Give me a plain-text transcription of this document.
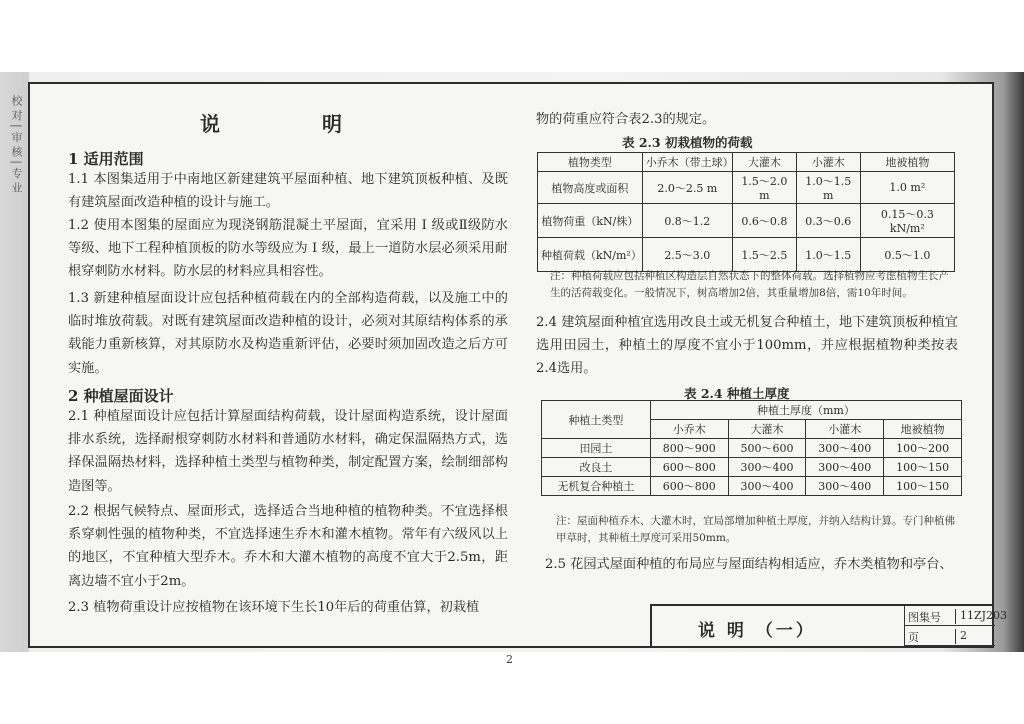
校 对 | 审 核 | 专 业	说	明
1 适用范围
1.1 本图集适用于中南地区新建建筑平屋面种植、地下建筑顶板种植、及既有建筑屋面改造种植的设计与施工。
1.2 使用本图集的屋面应为现浇钢筋混凝土平屋面，宜采用 Ⅰ 级或Ⅱ级防水等级、地下工程种植顶板的防水等级应为 Ⅰ 级，最上一道防水层必须采用耐根穿刺防水材料。防水层的材料应具相容性。
1.3 新建种植屋面设计应包括种植荷载在内的全部构造荷载，以及施工中的临时堆放荷载。对既有建筑屋面改造种植的设计，必须对其原结构体系的承载能力重新核算，对其原防水及构造重新评估，必要时须加固改造之后方可实施。
2 种植屋面设计
2.1 种植屋面设计应包括计算屋面结构荷载，设计屋面构造系统，设计屋面排水系统，选择耐根穿刺防水材料和普通防水材料，确定保温隔热方式，选择保温隔热材料，选择种植土类型与植物种类，制定配置方案，绘制细部构造图等。
2.2 根据气候特点、屋面形式，选择适合当地种植的植物种类。不宜选择根系穿刺性强的植物种类，不宜选择速生乔木和灌木植物。常年有六级风以上的地区，不宜种植大型乔木。乔木和大灌木植物的高度不宜大于2.5m，距离边墙不宜小于2m。
2.3 植物荷重设计应按植物在该环境下生长10年后的荷重估算，初栽植
物的荷重应符合表2.3的规定。
表 2.3 初栽植物的荷载
植物类型	小乔木（带土球）	大灌木	小灌木	地被植物
植物高度或面积	2.0～2.5 m	1.5～2.0 m	1.0～1.5 m	1.0 m²
植物荷重（kN/株）	0.8～1.2	0.6～0.8	0.3～0.6	0.15～0.3 kN/m²
种植荷载（kN/m²）	2.5～3.0	1.5～2.5	1.0～1.5	0.5～1.0
注：种植荷载应包括种植区构造层自然状态下的整体荷载。选择植物应考虑植物生长产生的活荷载变化。一般情况下，树高增加2倍，其重量增加8倍，需10年时间。
2.4 建筑屋面种植宜选用改良土或无机复合种植土，地下建筑顶板种植宜选用田园土，种植土的厚度不宜小于100mm，并应根据植物种类按表2.4选用。
表 2.4 种植土厚度
种植土类型	种植土厚度（mm）			
	小乔木	大灌木	小灌木	地被植物
田园土	800～900	500～600	300～400	100～200
改良土	600～800	300～400	300～400	100～150
无机复合种植土	600～800	300～400	300～400	100～150
注：屋面种植乔木、大灌木时，宜局部增加种植土厚度，并纳入结构计算。专门种植佛甲草时，其种植土厚度可采用50mm。
2.5 花园式屋面种植的布局应与屋面结构相适应，乔木类植物和亭台、
说 明 （一）
图集号	11ZJ203
页	2
2
